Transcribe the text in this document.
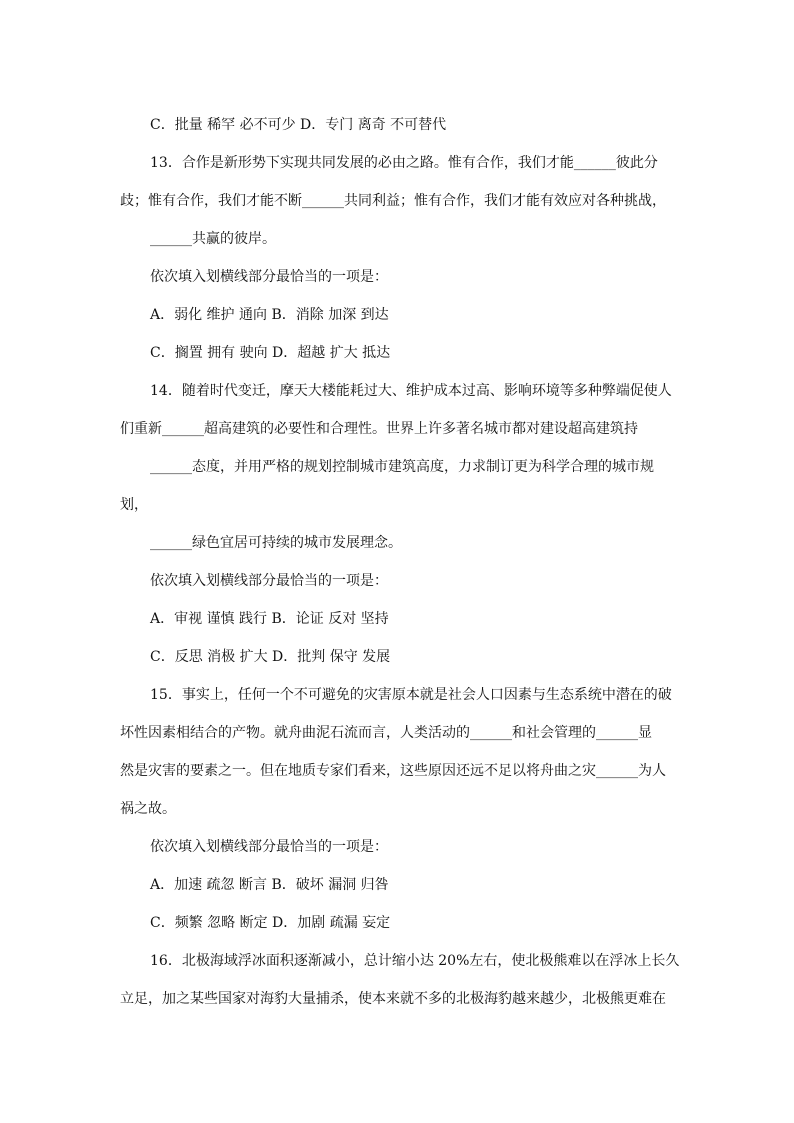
C．批量 稀罕 必不可少 D．专门 离奇 不可替代
13．合作是新形势下实现共同发展的必由之路。惟有合作，我们才能______彼此分
歧；惟有合作，我们才能不断______共同利益；惟有合作，我们才能有效应对各种挑战，
______共赢的彼岸。
依次填入划横线部分最恰当的一项是：
A．弱化 维护 通向 B．消除 加深 到达
C．搁置 拥有 驶向 D．超越 扩大 抵达
14．随着时代变迁，摩天大楼能耗过大、维护成本过高、影响环境等多种弊端促使人
们重新______超高建筑的必要性和合理性。世界上许多著名城市都对建设超高建筑持
______态度，并用严格的规划控制城市建筑高度，力求制订更为科学合理的城市规
划，
______绿色宜居可持续的城市发展理念。
依次填入划横线部分最恰当的一项是：
A．审视 谨慎 践行 B．论证 反对 坚持
C．反思 消极 扩大 D．批判 保守 发展
15．事实上，任何一个不可避免的灾害原本就是社会人口因素与生态系统中潜在的破
坏性因素相结合的产物。就舟曲泥石流而言，人类活动的______和社会管理的______显
然是灾害的要素之一。但在地质专家们看来，这些原因还远不足以将舟曲之灾______为人
祸之故。
依次填入划横线部分最恰当的一项是：
A．加速 疏忽 断言 B．破坏 漏洞 归咎
C．频繁 忽略 断定 D．加剧 疏漏 妄定
16．北极海域浮冰面积逐渐减小，总计缩小达 20%左右，使北极熊难以在浮冰上长久
立足，加之某些国家对海豹大量捕杀，使本来就不多的北极海豹越来越少，北极熊更难在
